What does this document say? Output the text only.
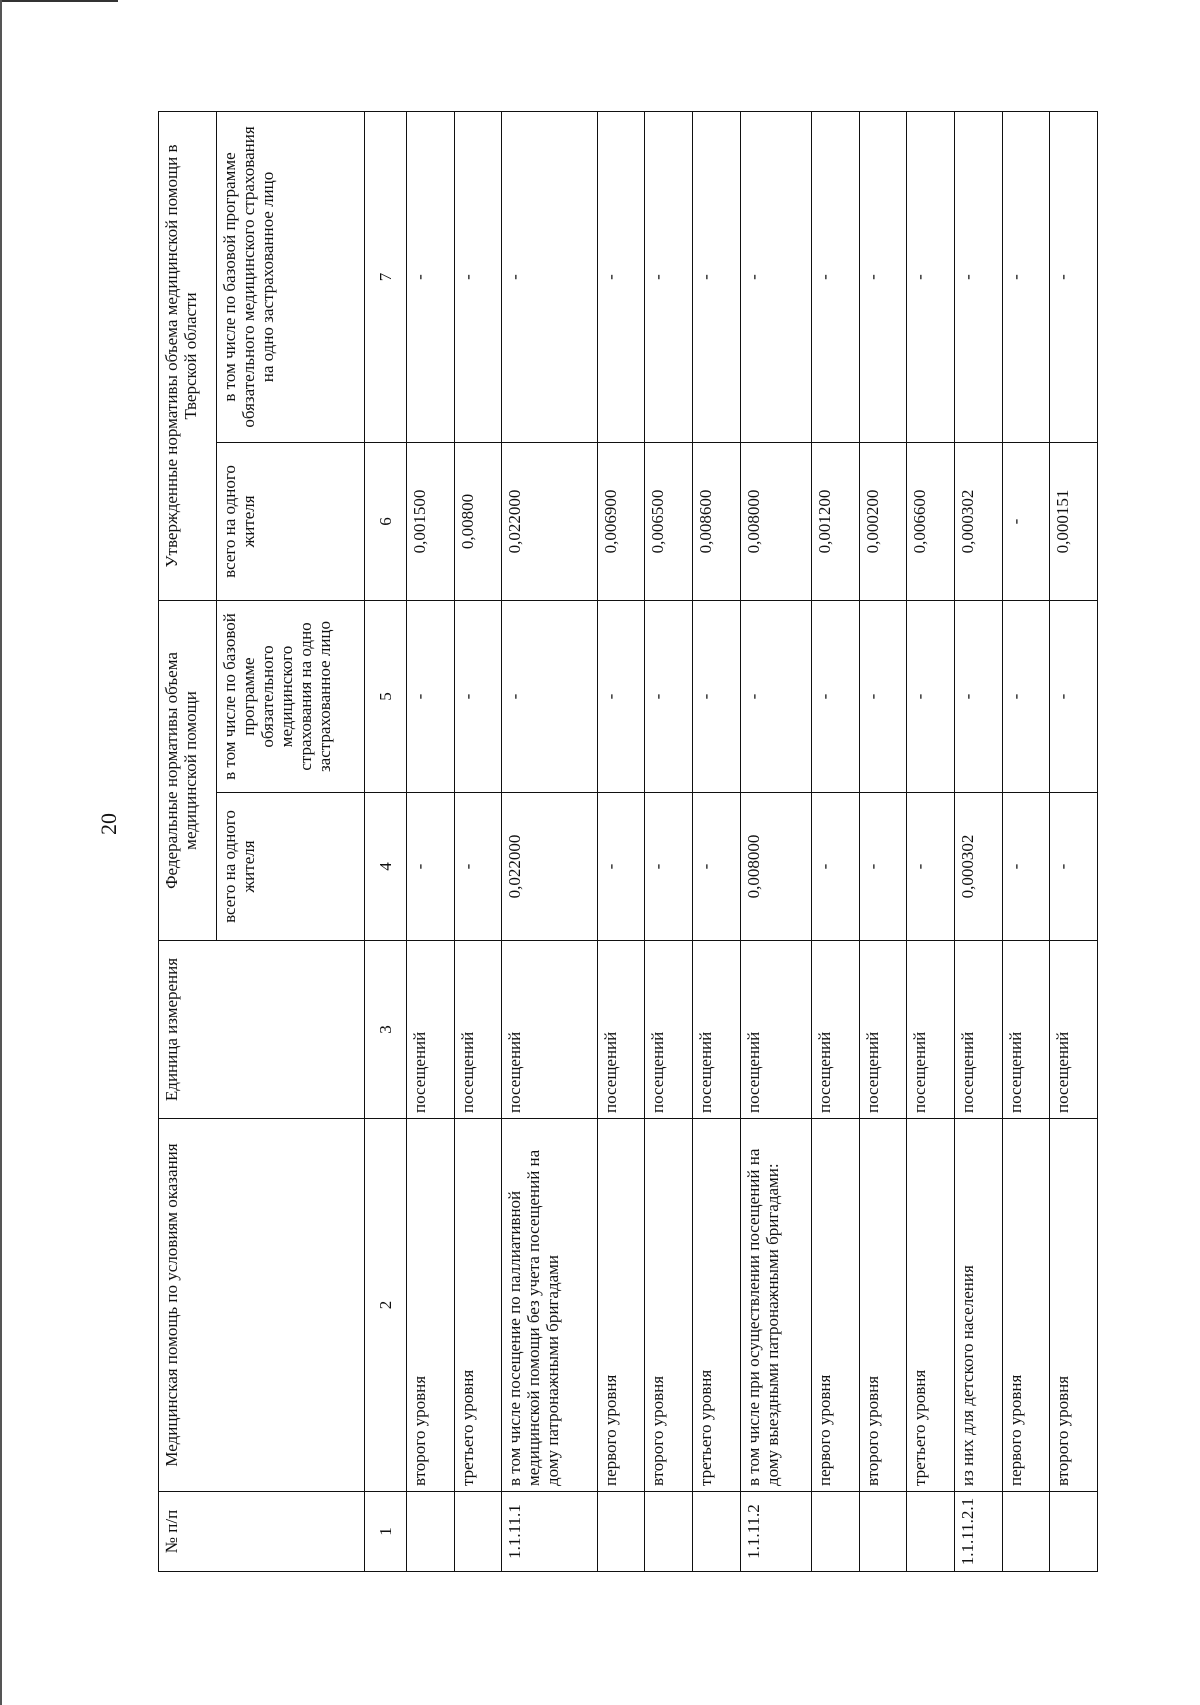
20
№ п/п	Медицинская помощь по условиям оказания	Единица измерения	Федеральные нормативы объема медицинской помощи		Утвержденные нормативы объема медицинской помощи в Тверской области	
			всего на одного жителя	в том числе по базовой программе обязательного медицинского страхования на одно застрахованное лицо	всего на одного жителя	в том числе по базовой программе обязательного медицинского страхования на одно застрахованное лицо
1	2	3	4	5	6	7
	второго уровня	посещений	-	-	0,001500	-
	третьего уровня	посещений	-	-	0,00800	-
1.1.11.1	в том числе посещение по паллиативной медицинской помощи без учета посещений на дому патронажными бригадами	посещений	0,022000	-	0,022000	-
	первого уровня	посещений	-	-	0,006900	-
	второго уровня	посещений	-	-	0,006500	-
	третьего уровня	посещений	-	-	0,008600	-
1.1.11.2	в том числе при осуществлении посещений на дому выездными патронажными бригадами:	посещений	0,008000	-	0,008000	-
	первого уровня	посещений	-	-	0,001200	-
	второго уровня	посещений	-	-	0,000200	-
	третьего уровня	посещений	-	-	0,006600	-
1.1.11.2.1	из них для детского населения	посещений	0,000302	-	0,000302	-
	первого уровня	посещений	-	-	-	-
	второго уровня	посещений	-	-	0,000151	-
